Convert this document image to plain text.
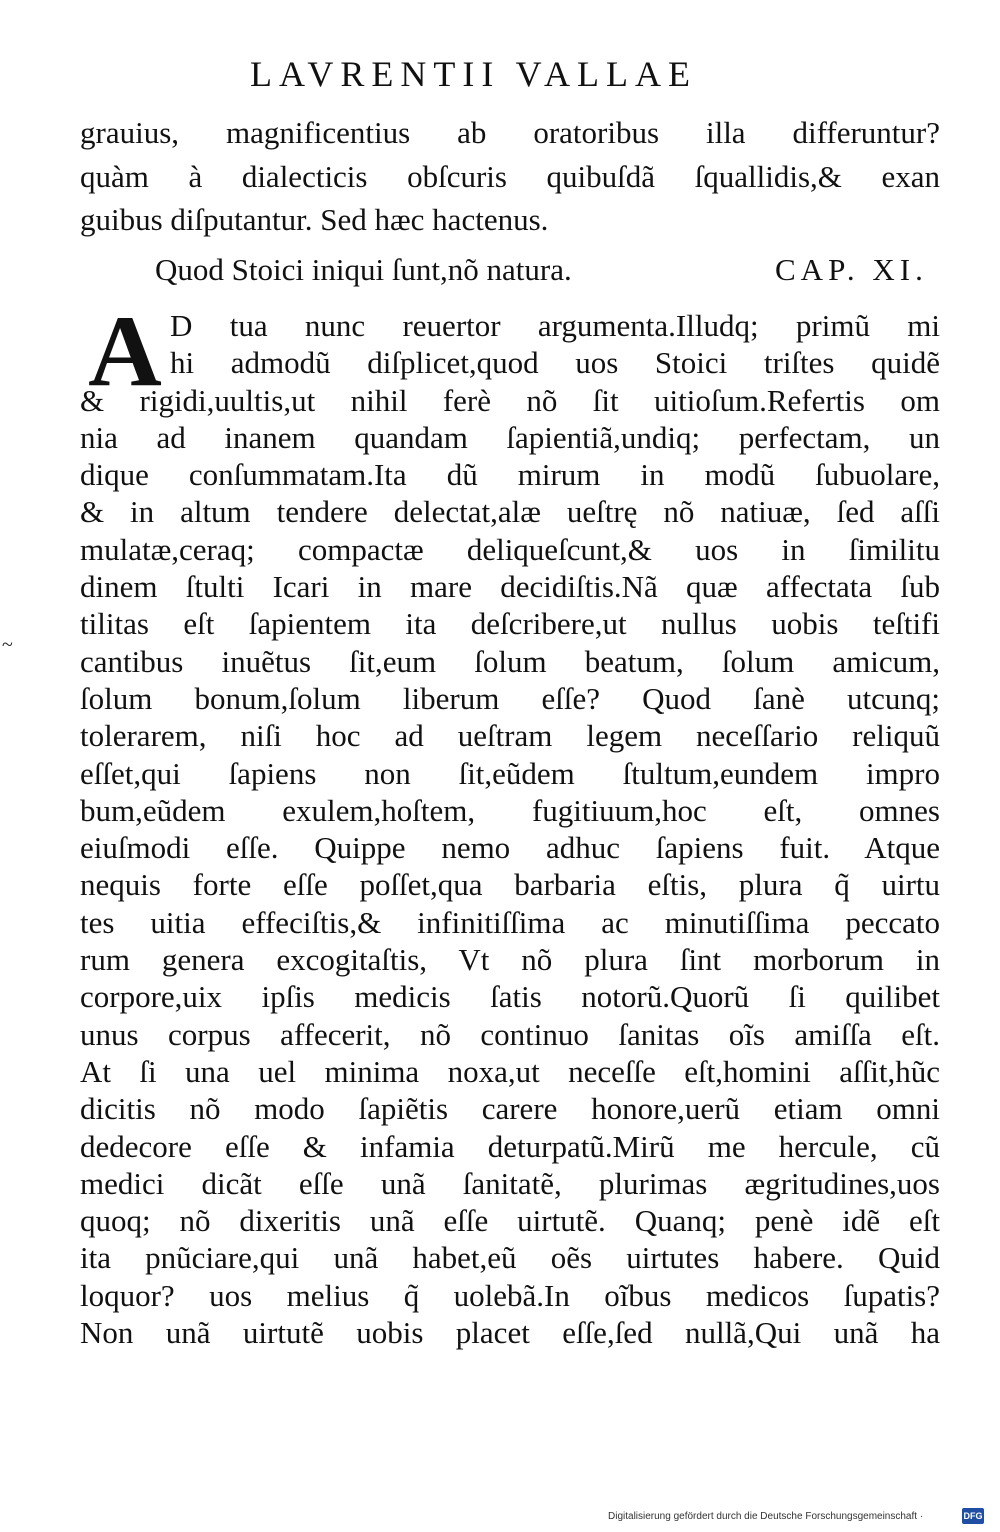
LAVRENTII VALLAE
grauius, magnificentius ab oratoribus illa differuntur?
quàm à dialecticis obſcuris quibuſdã ſquallidis,& exan
guibus diſputantur. Sed hæc hactenus.
Quod Stoici iniqui ſunt,nõ natura.	CAP. XI.
A D tua nunc reuertor argumenta.Illudq; primũ mi
hi admodũ diſplicet,quod uos Stoici triſtes quidẽ
& rigidi,uultis,ut nihil ferè nõ ſit uitioſum.Refertis om
nia ad inanem quandam ſapientiã,undiq; perfectam, un
dique conſummatam.Ita dũ mirum in modũ ſubuolare,
& in altum tendere delectat,alæ ueſtrę nõ natiuæ, ſed aſſi
mulatæ,ceraq; compactæ deliqueſcunt,& uos in ſimilitu
dinem ſtulti Icari in mare decidiſtis.Nã quæ affectata ſub
tilitas eſt ſapientem ita deſcribere,ut nullus uobis teſtifi
cantibus inuẽtus ſit,eum ſolum beatum, ſolum amicum,
ſolum bonum,ſolum liberum eſſe? Quod ſanè utcunq;
tolerarem, niſi hoc ad ueſtram legem neceſſario reliquũ
eſſet,qui ſapiens non ſit,eũdem ſtultum,eundem impro
bum,eũdem exulem,hoſtem, fugitiuum,hoc eſt, omnes
eiuſmodi eſſe. Quippe nemo adhuc ſapiens fuit. Atque
nequis forte eſſe poſſet,qua barbaria eſtis, plura q̃ uirtu
tes uitia effeciſtis,& infinitiſſima ac minutiſſima peccato
rum genera excogitaſtis, Vt nõ plura ſint morborum in
corpore,uix ipſis medicis ſatis notorũ.Quorũ ſi quilibet
unus corpus affecerit, nõ continuo ſanitas oĩs amiſſa eſt.
At ſi una uel minima noxa,ut neceſſe eſt,homini aſſit,hũc
dicitis nõ modo ſapiẽtis carere honore,uerũ etiam omni
dedecore eſſe & infamia deturpatũ.Mirũ me hercule, cũ
medici dicãt eſſe unã ſanitatẽ, plurimas ægritudines,uos
quoq; nõ dixeritis unã eſſe uirtutẽ. Quanq; penè idẽ eſt
ita pnũciare,qui unã habet,eũ oẽs uirtutes habere. Quid
loquor? uos melius q̃ uolebã.In oĩbus medicos ſupatis?
Non unã uirtutẽ uobis placet eſſe,ſed nullã,Qui unã ha
~
Digitalisierung gefördert durch die Deutsche Forschungsgemeinschaft ·	DFG
